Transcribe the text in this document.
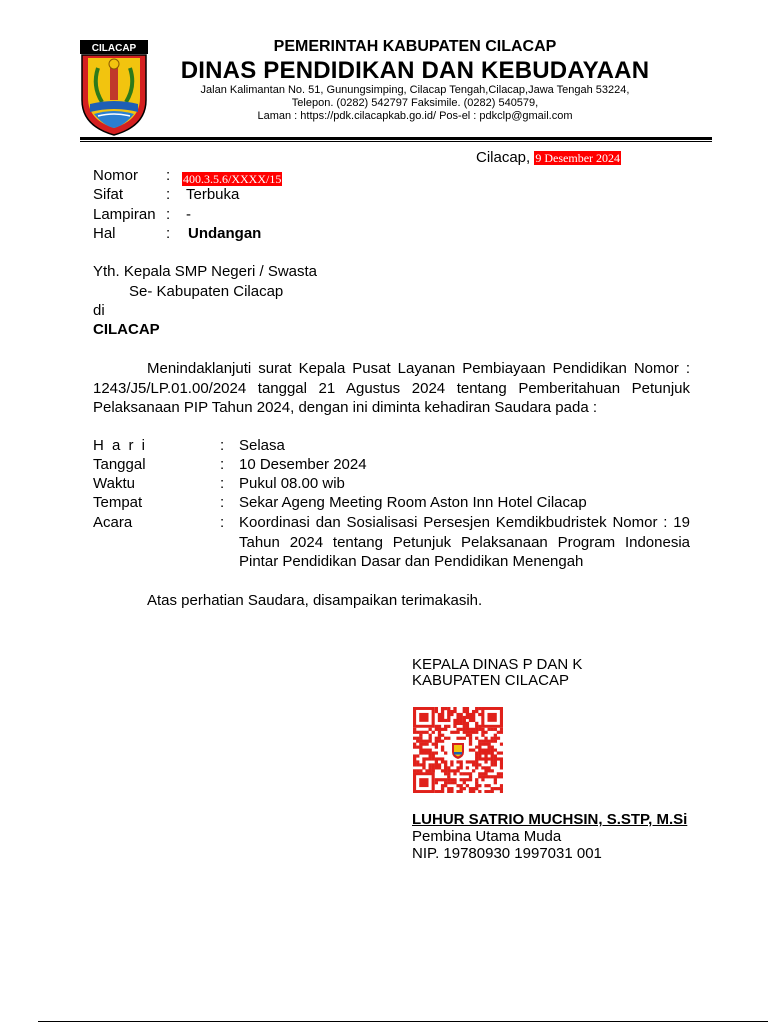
CILACAP	PEMERINTAH KABUPATEN CILACAP
DINAS PENDIDIKAN DAN KEBUDAYAAN
Jalan Kalimantan No. 51, Gunungsimping, Cilacap Tengah,Cilacap,Jawa Tengah 53224,
Telepon. (0282) 542797 Faksimile. (0282) 540579,
Laman : https://pdk.cilacapkab.go.id/ Pos-el : pdkclp@gmail.com
Cilacap, 9 Desember 2024
Nomor : 400.3.5.6/XXXX/15
Sifat	: Terbuka
Lampiran : -
Hal	: Undangan
Yth. Kepala SMP Negeri / Swasta
Se- Kabupaten Cilacap
di
CILACAP
Menindaklanjuti surat Kepala Pusat Layanan Pembiayaan Pendidikan Nomor : 1243/J5/LP.01.00/2024 tanggal 21 Agustus 2024 tentang Pemberitahuan Petunjuk Pelaksanaan PIP Tahun 2024, dengan ini diminta kehadiran Saudara pada :
H a r i	: Selasa
Tanggal	: 10 Desember 2024
Waktu	: Pukul 08.00 wib
Tempat	: Sekar Ageng Meeting Room Aston Inn Hotel Cilacap
Acara	: Koordinasi dan Sosialisasi Persesjen Kemdikbudristek Nomor : 19 Tahun 2024 tentang Petunjuk Pelaksanaan Program Indonesia Pintar Pendidikan Dasar dan Pendidikan Menengah
Atas perhatian Saudara, disampaikan terimakasih.
KEPALA DINAS P DAN K
KABUPATEN CILACAP
LUHUR SATRIO MUCHSIN, S.STP, M.Si
Pembina Utama Muda
NIP. 19780930 1997031 001
